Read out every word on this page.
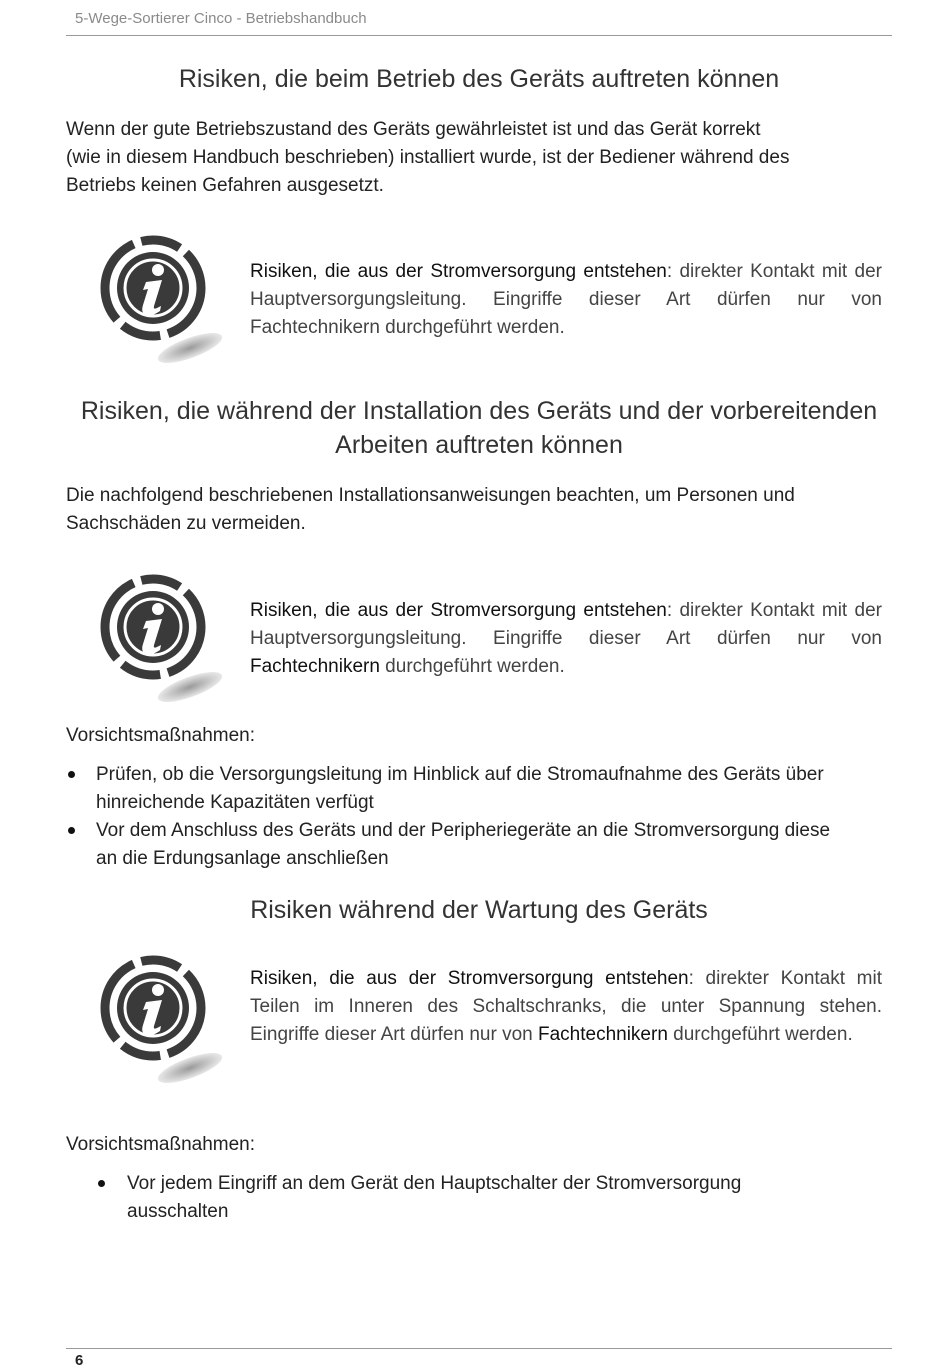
5-Wege-Sortierer Cinco - Betriebshandbuch
Risiken, die beim Betrieb des Geräts auftreten können

Wenn der gute Betriebszustand des Geräts gewährleistet ist und das Gerät korrekt
(wie in diesem Handbuch beschrieben) installiert wurde, ist der Bediener während des
Betriebs keinen Gefahren ausgesetzt.

Risiken, die aus der Stromversorgung entstehen: direkter Kontakt mit der Hauptversorgungsleitung. Eingriffe dieser Art dürfen nur von Fachtechnikern durchgeführt werden.

Risiken, die während der Installation des Geräts und der vorbereitenden
Arbeiten auftreten können

Die nachfolgend beschriebenen Installationsanweisungen beachten, um Personen und
Sachschäden zu vermeiden.

Risiken, die aus der Stromversorgung entstehen: direkter Kontakt mit der Hauptversorgungsleitung. Eingriffe dieser Art dürfen nur von Fachtechnikern durchgeführt werden.

Vorsichtsmaßnahmen:

Prüfen, ob die Versorgungsleitung im Hinblick auf die Stromaufnahme des Geräts über
hinreichende Kapazitäten verfügt

Vor dem Anschluss des Geräts und der Peripheriegeräte an die Stromversorgung diese
an die Erdungsanlage anschließen

Risiken während der Wartung des Geräts

Risiken, die aus der Stromversorgung entstehen: direkter Kontakt mit Teilen im Inneren des Schaltschranks, die unter Spannung stehen. Eingriffe dieser Art dürfen nur von Fachtechnikern durchgeführt werden.

Vorsichtsmaßnahmen:

Vor jedem Eingriff an dem Gerät den Hauptschalter der Stromversorgung
ausschalten

6
